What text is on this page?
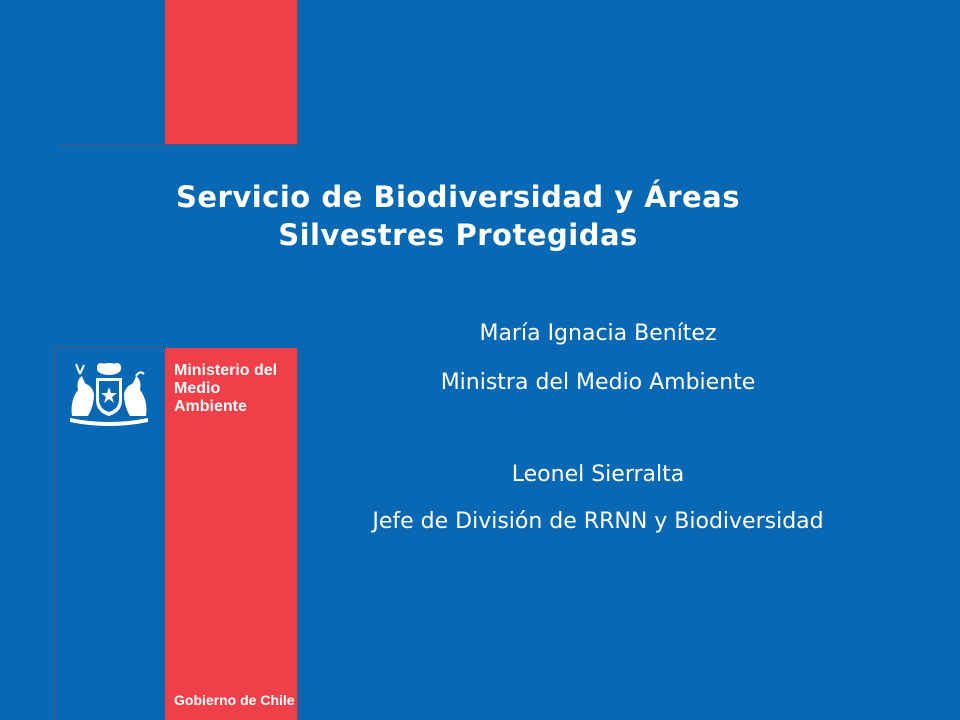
Servicio de Biodiversidad y Áreas
Silvestres Protegidas
Ministerio del
Medio
Ambiente
Gobierno de Chile
María Ignacia Benítez
Ministra del Medio Ambiente
Leonel Sierralta
Jefe de División de RRNN y Biodiversidad
